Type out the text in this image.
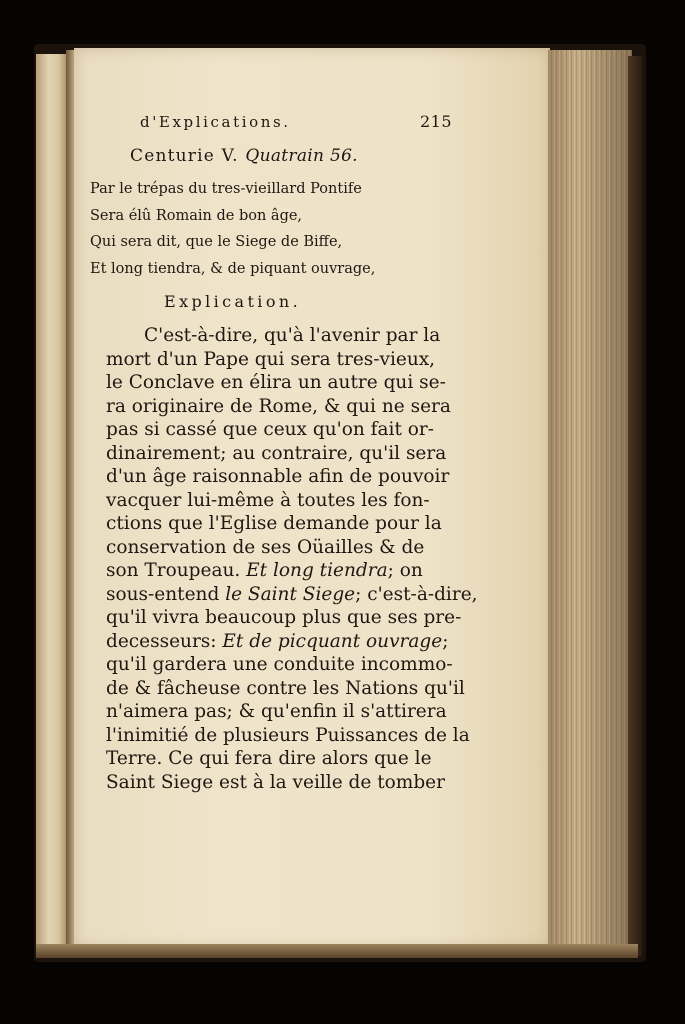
d'Explications.	215
Centurie V. Quatrain 56.
Par le trépas du tres-vieillard Pontife
Sera élû Romain de bon âge,
Qui sera dit, que le Siege de Biffe,
Et long tiendra, & de piquant ouvrage,
Explication.
C'est-à-dire, qu'à l'avenir par la
mort d'un Pape qui sera tres-vieux,
le Conclave en élira un autre qui se-
ra originaire de Rome, & qui ne sera
pas si cassé que ceux qu'on fait or-
dinairement; au contraire, qu'il sera
d'un âge raisonnable afin de pouvoir
vacquer lui-même à toutes les fon-
ctions que l'Eglise demande pour la
conservation de ses Oüailles & de
son Troupeau. Et long tiendra; on
sous-entend le Saint Siege; c'est-à-dire,
qu'il vivra beaucoup plus que ses pre-
decesseurs: Et de picquant ouvrage;
qu'il gardera une conduite incommo-
de & fâcheuse contre les Nations qu'il
n'aimera pas; & qu'enfin il s'attirera
l'inimitié de plusieurs Puissances de la
Terre. Ce qui fera dire alors que le
Saint Siege est à la veille de tomber
